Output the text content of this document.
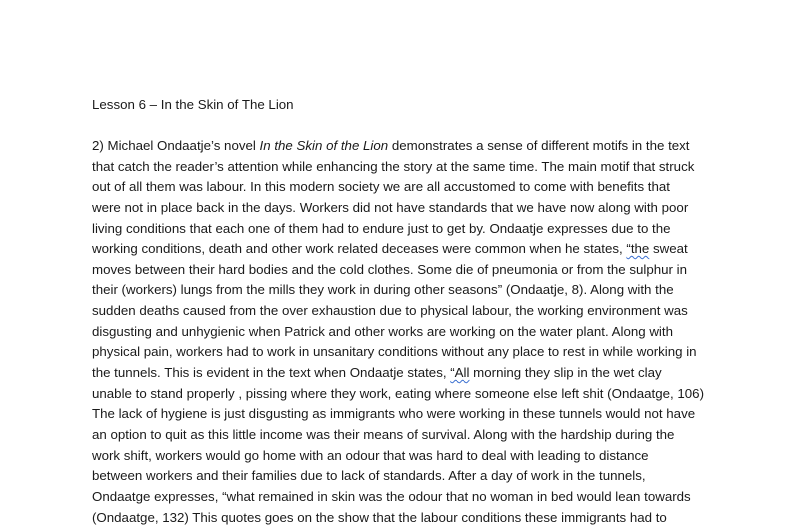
Lesson 6 – In the Skin of The Lion
2) Michael Ondaatje’s novel In the Skin of the Lion demonstrates a sense of different motifs in the text
that catch the reader’s attention while enhancing the story at the same time. The main motif that struck
out of all them was labour. In this modern society we are all accustomed to come with benefits that
were not in place back in the days. Workers did not have standards that we have now along with poor
living conditions that each one of them had to endure just to get by. Ondaatje expresses due to the
working conditions, death and other work related deceases were common when he states, “the sweat
moves between their hard bodies and the cold clothes. Some die of pneumonia or from the sulphur in
their (workers) lungs from the mills they work in during other seasons” (Ondaatje, 8). Along with the
sudden deaths caused from the over exhaustion due to physical labour, the working environment was
disgusting and unhygienic when Patrick and other works are working on the water plant. Along with
physical pain, workers had to work in unsanitary conditions without any place to rest in while working in
the tunnels. This is evident in the text when Ondaatje states, “All morning they slip in the wet clay
unable to stand properly , pissing where they work, eating where someone else left shit (Ondaatge, 106)
The lack of hygiene is just disgusting as immigrants who were working in these tunnels would not have
an option to quit as this little income was their means of survival. Along with the hardship during the
work shift, workers would go home with an odour that was hard to deal with leading to distance
between workers and their families due to lack of standards. After a day of work in the tunnels,
Ondaatge expresses, “what remained in skin was the odour that no woman in bed would lean towards
(Ondaatge, 132) This quotes goes on the show that the labour conditions these immigrants had to
